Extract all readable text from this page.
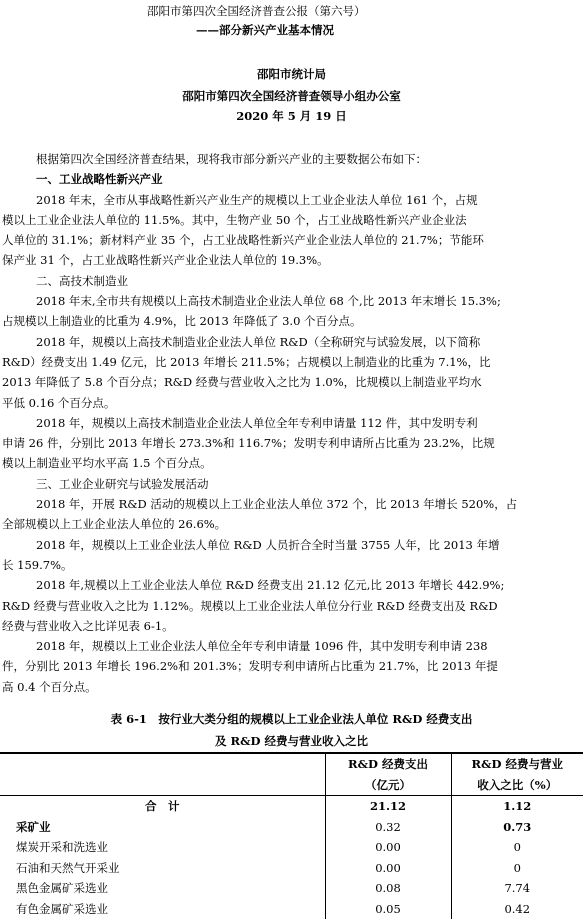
邵阳市第四次全国经济普查公报（第六号）
——部分新兴产业基本情况
邵阳市统计局
邵阳市第四次全国经济普查领导小组办公室
2020 年 5 月 19 日
根据第四次全国经济普查结果，现将我市部分新兴产业的主要数据公布如下：
一、工业战略性新兴产业
2018 年末，全市从事战略性新兴产业生产的规模以上工业企业法人单位 161 个，占规
模以上工业企业法人单位的 11.5%。其中，生物产业 50 个，占工业战略性新兴产业企业法
人单位的 31.1%；新材料产业 35 个，占工业战略性新兴产业企业法人单位的 21.7%；节能环
保产业 31 个，占工业战略性新兴产业企业法人单位的 19.3%。
二、高技术制造业
2018 年末,全市共有规模以上高技术制造业企业法人单位 68 个,比 2013 年末增长 15.3%;
占规模以上制造业的比重为 4.9%，比 2013 年降低了 3.0 个百分点。
2018 年，规模以上高技术制造业企业法人单位 R&D（全称研究与试验发展，以下简称
R&D）经费支出 1.49 亿元，比 2013 年增长 211.5%；占规模以上制造业的比重为 7.1%，比
2013 年降低了 5.8 个百分点；R&D 经费与营业收入之比为 1.0%，比规模以上制造业平均水
平低 0.16 个百分点。
2018 年，规模以上高技术制造业企业法人单位全年专利申请量 112 件，其中发明专利
申请 26 件，分别比 2013 年增长 273.3%和 116.7%；发明专利申请所占比重为 23.2%，比规
模以上制造业平均水平高 1.5 个百分点。
三、工业企业研究与试验发展活动
2018 年，开展 R&D 活动的规模以上工业企业法人单位 372 个，比 2013 年增长 520%，占
全部规模以上工业企业法人单位的 26.6%。
2018 年，规模以上工业企业法人单位 R&D 人员折合全时当量 3755 人年，比 2013 年增
长 159.7%。
2018 年,规模以上工业企业法人单位 R&D 经费支出 21.12 亿元,比 2013 年增长 442.9%;
R&D 经费与营业收入之比为 1.12%。规模以上工业企业法人单位分行业 R&D 经费支出及 R&D
经费与营业收入之比详见表 6-1。
2018 年，规模以上工业企业法人单位全年专利申请量 1096 件，其中发明专利申请 238
件，分别比 2013 年增长 196.2%和 201.3%；发明专利申请所占比重为 21.7%，比 2013 年提
高 0.4 个百分点。
表 6-1　按行业大类分组的规模以上工业企业法人单位 R&D 经费支出
及 R&D 经费与营业收入之比
	R&D 经费支出	R&D 经费与营业
	（亿元）	收入之比（%）
合　计	21.12	1.12
采矿业	0.32	0.73
煤炭开采和洗选业	0.00	0
石油和天然气开采业	0.00	0
黑色金属矿采选业	0.08	7.74
有色金属矿采选业	0.05	0.42
